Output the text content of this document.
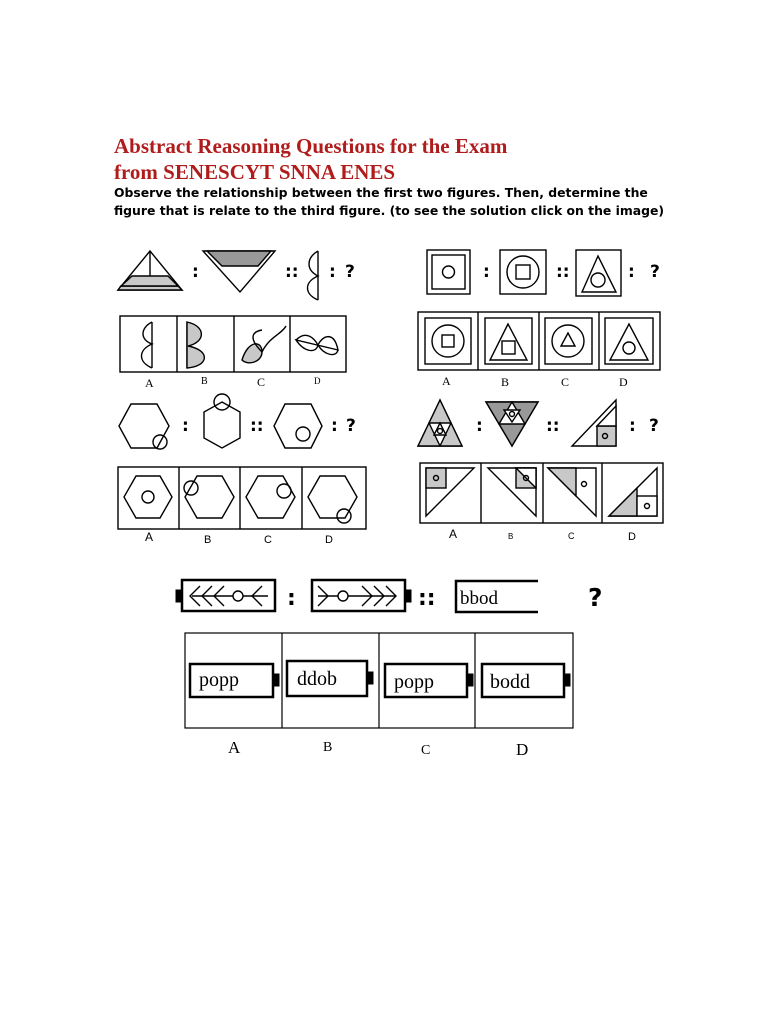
Abstract Reasoning Questions for the Exam
from SENESCYT SNNA ENES
Observe the relationship between the first two figures. Then, determine the figure that is relate to the third figure. (to see the solution click on the image)
:	:: : ?	:	::	: ?
:	::	: ?	:	::	: ?
:	::	?
A	B	C	D	A	B	C	D
A	B	C	D	A	B	C	D
A	B	C	D
bbod
popp	ddob	popp	bodd
